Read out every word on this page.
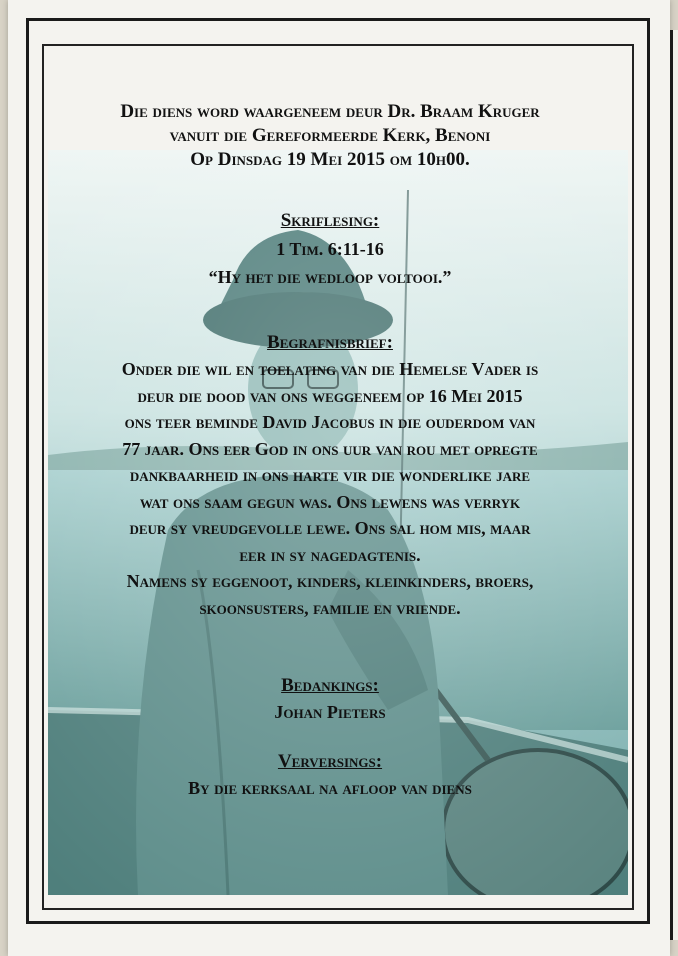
Die diens word waargeneem deur Dr. Braam Kruger

vanuit die Gereformeerde Kerk, Benoni

Op Dinsdag 19 Mei 2015 om 10h00.

Skriflesing:

1 Tim. 6:11-16

“Hy het die wedloop voltooi.”

Begrafnisbrief:

Onder die wil en toelating van die Hemelse Vader is

deur die dood van ons weggeneem op 16 Mei 2015

ons teer beminde David Jacobus in die ouderdom van

77 jaar. Ons eer God in ons uur van rou met opregte

dankbaarheid in ons harte vir die wonderlike jare

wat ons saam gegun was. Ons lewens was verryk

deur sy vreudgevolle lewe. Ons sal hom mis, maar

eer in sy nagedagtenis.

Namens sy eggenoot, kinders, kleinkinders, broers,

skoonsusters, familie en vriende.

Bedankings:

Johan Pieters

Verversings:

By die kerksaal na afloop van diens
